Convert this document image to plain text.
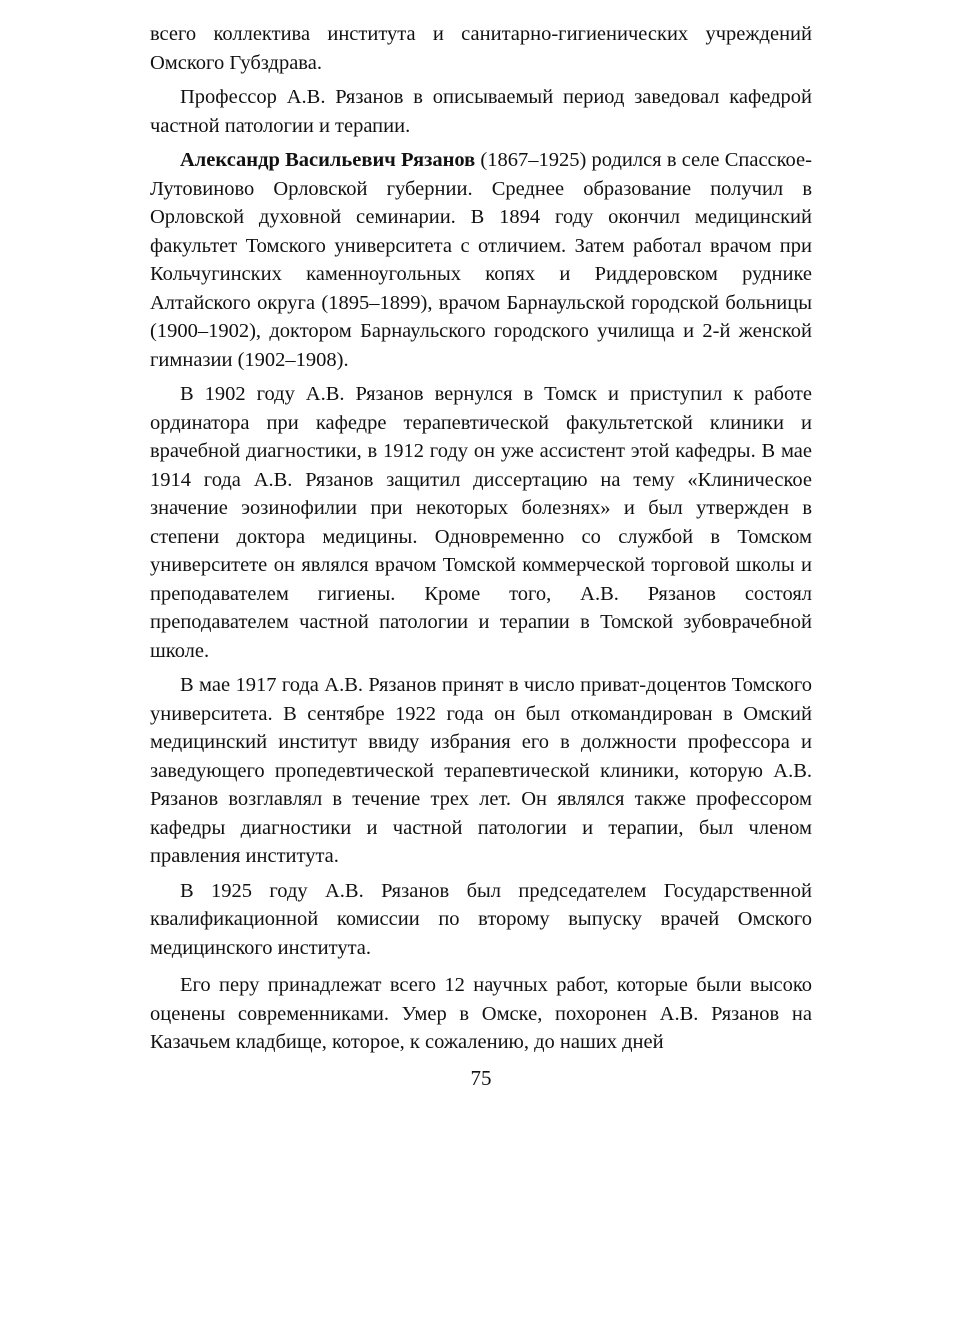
всего коллектива института и санитарно-гигиенических учреждений Омского Губздрава.

Профессор А.В. Рязанов в описываемый период заведовал кафедрой частной патологии и терапии.

Александр Васильевич Рязанов (1867–1925) родился в селе Спасское-Лутовиново Орловской губернии. Среднее образование получил в Орловской духовной семинарии. В 1894 году окончил медицинский факультет Томского университета с отличием. Затем работал врачом при Кольчугинских каменноугольных копях и Риддеровском руднике Алтайского округа (1895–1899), врачом Барнаульской городской больницы (1900–1902), доктором Барнаульского городского училища и 2-й женской гимназии (1902–1908).

В 1902 году А.В. Рязанов вернулся в Томск и приступил к работе ординатора при кафедре терапевтической факультетской клиники и врачебной диагностики, в 1912 году он уже ассистент этой кафедры. В мае 1914 года А.В. Рязанов защитил диссертацию на тему «Клиническое значение эозинофилии при некоторых болезнях» и был утвержден в степени доктора медицины. Одновременно со службой в Томском университете он являлся врачом Томской коммерческой торговой школы и преподавателем гигиены. Кроме того, А.В. Рязанов состоял преподавателем частной патологии и терапии в Томской зубоврачебной школе.

В мае 1917 года А.В. Рязанов принят в число приват-доцентов Томского университета. В сентябре 1922 года он был откомандирован в Омский медицинский институт ввиду избрания его в должности профессора и заведующего пропедевтической терапевтической клиники, которую А.В. Рязанов возглавлял в течение трех лет. Он являлся также профессором кафедры диагностики и частной патологии и терапии, был членом правления института.

В 1925 году А.В. Рязанов был председателем Государственной квалификационной комиссии по второму выпуску врачей Омского медицинского института.

Его перу принадлежат всего 12 научных работ, которые были высоко оценены современниками. Умер в Омске, похоронен А.В. Рязанов на Казачьем кладбище, которое, к сожалению, до наших дней

75
